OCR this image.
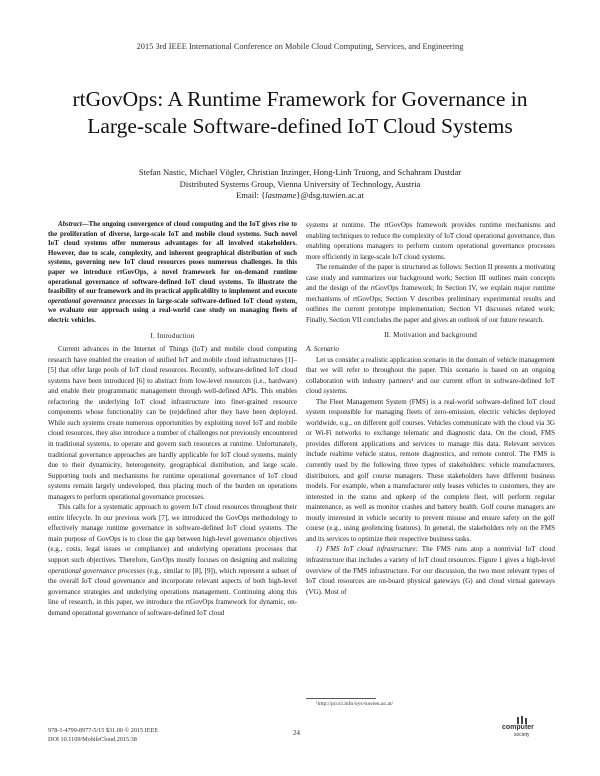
2015 3rd IEEE International Conference on Mobile Cloud Computing, Services, and Engineering
rtGovOps: A Runtime Framework for Governance in
Large-scale Software-defined IoT Cloud Systems
Stefan Nastic, Michael Vögler, Christian Inzinger, Hong-Linh Truong, and Schahram Dustdar
Distributed Systems Group, Vienna University of Technology, Austria
Email: {lastname}@dsg.tuwien.ac.at

Abstract—The ongoing convergence of cloud computing and the IoT gives rise to the proliferation of diverse, large-scale IoT and mobile cloud systems. Such novel IoT cloud systems offer numerous advantages for all involved stakeholders. However, due to scale, complexity, and inherent geographical distribution of such systems, governing new IoT cloud resources poses numerous challenges. In this paper we introduce rtGovOps, a novel framework for on-demand runtime operational governance of software-defined IoT cloud systems. To illustrate the feasibility of our framework and its practical applicability to implement and execute operational governance processes in large-scale software-defined IoT cloud system, we evaluate our approach using a real-world case study on managing fleets of electric vehicles.

I. Introduction

Current advances in the Internet of Things (IoT) and mobile cloud computing research have enabled the creation of unified IoT and mobile cloud infrastructures [1]–[5] that offer large pools of IoT cloud resources. Recently, software-defined IoT cloud systems have been introduced [6] to abstract from low-level resources (i.e., hardware) and enable their programmatic management through well-defined APIs. This enables refactoring the underlying IoT cloud infrastructure into finer-grained resource components whose functionality can be (re)defined after they have been deployed. While such systems create numerous opportunities by exploiting novel IoT and mobile cloud resources, they also introduce a number of challenges not previously encountered in traditional systems, to operate and govern such resources at runtime. Unfortunately, traditional governance approaches are hardly applicable for IoT cloud systems, mainly due to their dynamicity, heterogeneity, geographical distribution, and large scale. Supporting tools and mechanisms for runtime operational governance of IoT cloud systems remain largely undeveloped, thus placing much of the burden on operations managers to perform operational governance processes.

This calls for a systematic approach to govern IoT cloud resources throughout their entire lifecycle. In our previous work [7], we introduced the GovOps methodology to effectively manage runtime governance in software-defined IoT cloud systems. The main purpose of GovOps is to close the gap between high-level governance objectives (e.g., costs, legal issues or compliance) and underlying operations processes that support such objectives. Therefore, GovOps mostly focuses on designing and realizing operational governance processes (e.g., similar to [8], [9]), which represent a subset of the overall IoT cloud governance and incorporate relevant aspects of both high-level governance strategies and underlying operations management. Continuing along this line of research, in this paper, we introduce the rtGovOps framework for dynamic, on-demand operational governance of software-defined IoT cloud

systems at runtime. The rtGovOps framework provides runtime mechanisms and enabling techniques to reduce the complexity of IoT cloud operational governance, thus enabling operations managers to perform custom operational governance processes more efficiently in large-scale IoT cloud systems.

The remainder of the paper is structured as follows: Section II presents a motivating case study and summarizes our background work; Section III outlines main concepts and the design of the rtGovOps framework; In Section IV, we explain major runtime mechanisms of rtGovOps; Section V describes preliminary experimental results and outlines the current prototype implementation; Section VI discusses related work; Finally, Section VII concludes the paper and gives an outlook of our future research.

II. Motivation and background
A. Scenario

Let us consider a realistic application scenario in the domain of vehicle management that we will refer to throughout the paper. This scenario is based on an ongoing collaboration with industry partners¹ and our current effort in software-defined IoT cloud systems.

The Fleet Management System (FMS) is a real-world software-defined IoT cloud system responsible for managing fleets of zero-emission, electric vehicles deployed worldwide, e.g., on different golf courses. Vehicles communicate with the cloud via 3G or Wi-Fi networks to exchange telematic and diagnostic data. On the cloud, FMS provides different applications and services to manage this data. Relevant services include realtime vehicle status, remote diagnostics, and remote control. The FMS is currently used by the following three types of stakeholders: vehicle manufacturers, distributors, and golf course managers. These stakeholders have different business models. For example, when a manufacturer only leases vehicles to customers, they are interested in the status and upkeep of the complete fleet, will perform regular maintenance, as well as monitor crashes and battery health. Golf course managers are mostly interested in vehicle security to prevent misuse and ensure safety on the golf course (e.g., using geofencing features). In general, the stakeholders rely on the FMS and its services to optimize their respective business tasks.

1) FMS IoT cloud infrastructure: The FMS runs atop a nontrivial IoT cloud infrastructure that includes a variety of IoT cloud resources. Figure 1 gives a high-level overview of the FMS infrastructure. For our discussion, the two most relevant types of IoT cloud resources are on-board physical gateways (G) and cloud virtual gateways (VG). Most of

¹http://pcccl.info/oys-tuwien.ac.at/
978-1-4799-8977-5/15 $31.00 © 2015 IEEE
DOI 10.1109/MobileCloud.2015.38
24
computer
society
